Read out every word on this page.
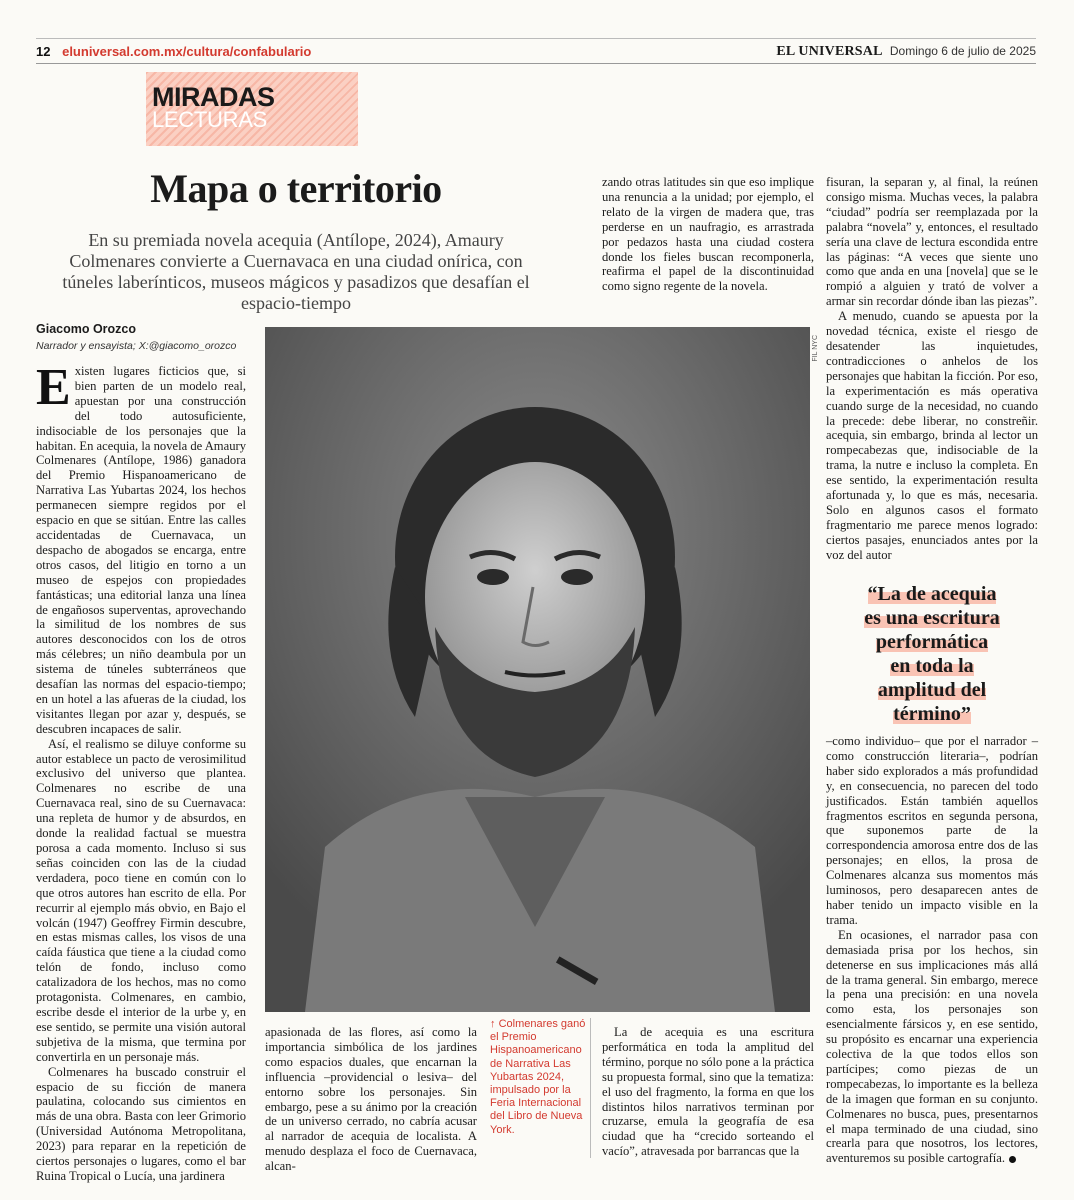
12 eluniversal.com.mx/cultura/confabulario	EL UNIVERSAL Domingo 6 de julio de 2025
MIRADAS
LECTURAS
Mapa o territorio
En su premiada novela acequia (Antílope, 2024), Amaury Colmenares convierte a Cuernavaca en una ciudad onírica, con túneles laberínticos, museos mágicos y pasadizos que desafían el espacio-tiempo
Giacomo Orozco
Narrador y ensayista; X:@giacomo_orozco

Existen lugares ficticios que, si bien parten de un modelo real, apuestan por una construcción del todo autosuficiente, indisociable de los personajes que la habitan. En acequia, la novela de Amaury Colmenares (Antílope, 1986) ganadora del Premio Hispanoamericano de Narrativa Las Yubartas 2024, los hechos permanecen siempre regidos por el espacio en que se sitúan. Entre las calles accidentadas de Cuernavaca, un despacho de abogados se encarga, entre otros casos, del litigio en torno a un museo de espejos con propiedades fantásticas; una editorial lanza una línea de engañosos superventas, aprovechando la similitud de los nombres de sus autores desconocidos con los de otros más célebres; un niño deambula por un sistema de túneles subterráneos que desafían las normas del espacio-tiempo; en un hotel a las afueras de la ciudad, los visitantes llegan por azar y, después, se descubren incapaces de salir.

Así, el realismo se diluye conforme su autor establece un pacto de verosimilitud exclusivo del universo que plantea. Colmenares no escribe de una Cuernavaca real, sino de su Cuernavaca: una repleta de humor y de absurdos, en donde la realidad factual se muestra porosa a cada momento. Incluso si sus señas coinciden con las de la ciudad verdadera, poco tiene en común con lo que otros autores han escrito de ella. Por recurrir al ejemplo más obvio, en Bajo el volcán (1947) Geoffrey Firmin descubre, en estas mismas calles, los visos de una caída fáustica que tiene a la ciudad como telón de fondo, incluso como catalizadora de los hechos, mas no como protagonista. Colmenares, en cambio, escribe desde el interior de la urbe y, en ese sentido, se permite una visión autoral subjetiva de la misma, que termina por convertirla en un personaje más.

Colmenares ha buscado construir el espacio de su ficción de manera paulatina, colocando sus cimientos en más de una obra. Basta con leer Grimorio (Universidad Autónoma Metropolitana, 2023) para reparar en la repetición de ciertos personajes o lugares, como el bar Ruina Tropical o Lucía, una jardinera

FIL NYC
↑ Colmenares ganó el Premio Hispanoamericano de Narrativa Las Yubartas 2024, impulsado por la Feria Internacional del Libro de Nueva York.

apasionada de las flores, así como la importancia simbólica de los jardines como espacios duales, que encarnan la influencia –providencial o lesiva– del entorno sobre los personajes. Sin embargo, pese a su ánimo por la creación de un universo cerrado, no cabría acusar al narrador de acequia de localista. A menudo desplaza el foco de Cuernavaca, alcan-

zando otras latitudes sin que eso implique una renuncia a la unidad; por ejemplo, el relato de la virgen de madera que, tras perderse en un naufragio, es arrastrada por pedazos hasta una ciudad costera donde los fieles buscan recomponerla, reafirma el papel de la discontinuidad como signo regente de la novela.

La de acequia es una escritura performática en toda la amplitud del término, porque no sólo pone a la práctica su propuesta formal, sino que la tematiza: el uso del fragmento, la forma en que los distintos hilos narrativos terminan por cruzarse, emula la geografía de esa ciudad que ha “crecido sorteando el vacío”, atravesada por barrancas que la

fisuran, la separan y, al final, la reúnen consigo misma. Muchas veces, la palabra “ciudad” podría ser reemplazada por la palabra “novela” y, entonces, el resultado sería una clave de lectura escondida entre las páginas: “A veces que siente uno como que anda en una [novela] que se le rompió a alguien y trató de volver a armar sin recordar dónde iban las piezas”.

A menudo, cuando se apuesta por la novedad técnica, existe el riesgo de desatender las inquietudes, contradicciones o anhelos de los personajes que habitan la ficción. Por eso, la experimentación es más operativa cuando surge de la necesidad, no cuando la precede: debe liberar, no constreñir. acequia, sin embargo, brinda al lector un rompecabezas que, indisociable de la trama, la nutre e incluso la completa. En ese sentido, la experimentación resulta afortunada y, lo que es más, necesaria. Solo en algunos casos el formato fragmentario me parece menos logrado: ciertos pasajes, enunciados antes por la voz del autor

“La de acequia
es una escritura
performática
en toda la
amplitud del
término”

–como individuo– que por el narrador –como construcción literaria–, podrían haber sido explorados a más profundidad y, en consecuencia, no parecen del todo justificados. Están también aquellos fragmentos escritos en segunda persona, que suponemos parte de la correspondencia amorosa entre dos de las personajes; en ellos, la prosa de Colmenares alcanza sus momentos más luminosos, pero desaparecen antes de haber tenido un impacto visible en la trama.

En ocasiones, el narrador pasa con demasiada prisa por los hechos, sin detenerse en sus implicaciones más allá de la trama general. Sin embargo, merece la pena una precisión: en una novela como esta, los personajes son esencialmente fársicos y, en ese sentido, su propósito es encarnar una experiencia colectiva de la que todos ellos son partícipes; como piezas de un rompecabezas, lo importante es la belleza de la imagen que forman en su conjunto. Colmenares no busca, pues, presentarnos el mapa terminado de una ciudad, sino crearla para que nosotros, los lectores, aventuremos su posible cartografía.
